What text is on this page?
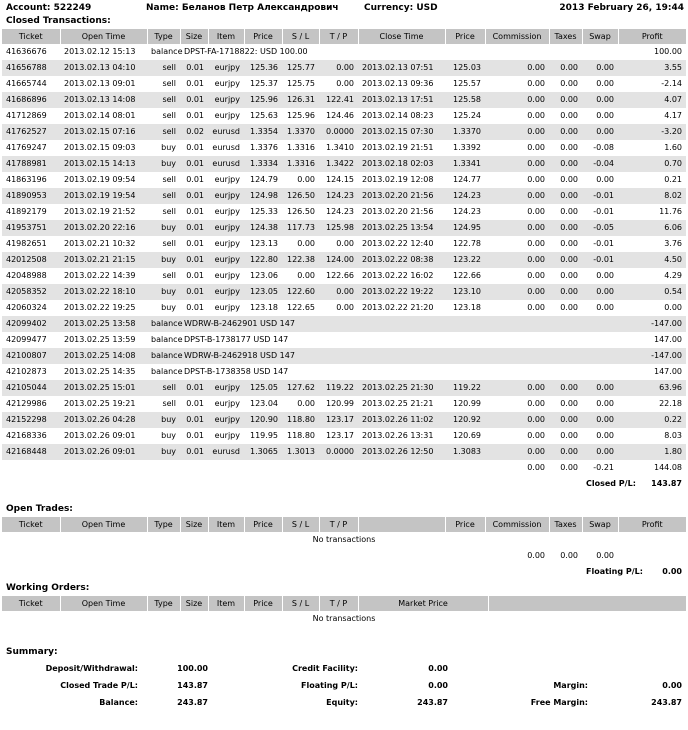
Account: 522249	Name: Беланов Петр Александрович	Currency: USD	2013 February 26, 19:44
Closed Transactions:
Ticket	Open Time	Type	Size	Item	Price	S / L	T / P	Close Time	Price	Commission	Taxes	Swap	Profit
41636676	2013.02.12 15:13	balance	DPST-FA-1718822: USD 100.00										100.00
41656788	2013.02.13 04:10	sell	0.01	eurjpy	125.36	125.77	0.00	2013.02.13 07:51	125.03	0.00	0.00	0.00	3.55
41665744	2013.02.13 09:01	sell	0.01	eurjpy	125.37	125.75	0.00	2013.02.13 09:36	125.57	0.00	0.00	0.00	-2.14
41686896	2013.02.13 14:08	sell	0.01	eurjpy	125.96	126.31	122.41	2013.02.13 17:51	125.58	0.00	0.00	0.00	4.07
41712869	2013.02.14 08:01	sell	0.01	eurjpy	125.63	125.96	124.46	2013.02.14 08:23	125.24	0.00	0.00	0.00	4.17
41762527	2013.02.15 07:16	sell	0.02	eurusd	1.3354	1.3370	0.0000	2013.02.15 07:30	1.3370	0.00	0.00	0.00	-3.20
41769247	2013.02.15 09:03	buy	0.01	eurusd	1.3376	1.3316	1.3410	2013.02.19 21:51	1.3392	0.00	0.00	-0.08	1.60
41788981	2013.02.15 14:13	buy	0.01	eurusd	1.3334	1.3316	1.3422	2013.02.18 02:03	1.3341	0.00	0.00	-0.04	0.70
41863196	2013.02.19 09:54	sell	0.01	eurjpy	124.79	0.00	124.15	2013.02.19 12:08	124.77	0.00	0.00	0.00	0.21
41890953	2013.02.19 19:54	sell	0.01	eurjpy	124.98	126.50	124.23	2013.02.20 21:56	124.23	0.00	0.00	-0.01	8.02
41892179	2013.02.19 21:52	sell	0.01	eurjpy	125.33	126.50	124.23	2013.02.20 21:56	124.23	0.00	0.00	-0.01	11.76
41953751	2013.02.20 22:16	buy	0.01	eurjpy	124.38	117.73	125.98	2013.02.25 13:54	124.95	0.00	0.00	-0.05	6.06
41982651	2013.02.21 10:32	sell	0.01	eurjpy	123.13	0.00	0.00	2013.02.22 12:40	122.78	0.00	0.00	-0.01	3.76
42012508	2013.02.21 21:15	buy	0.01	eurjpy	122.80	122.38	124.00	2013.02.22 08:38	123.22	0.00	0.00	-0.01	4.50
42048988	2013.02.22 14:39	sell	0.01	eurjpy	123.06	0.00	122.66	2013.02.22 16:02	122.66	0.00	0.00	0.00	4.29
42058352	2013.02.22 18:10	buy	0.01	eurjpy	123.05	122.60	0.00	2013.02.22 19:22	123.10	0.00	0.00	0.00	0.54
42060324	2013.02.22 19:25	buy	0.01	eurjpy	123.18	122.65	0.00	2013.02.22 21:20	123.18	0.00	0.00	0.00	0.00
42099402	2013.02.25 13:58	balance	WDRW-B-2462901 USD 147										-147.00
42099477	2013.02.25 13:59	balance	DPST-B-1738177 USD 147										147.00
42100807	2013.02.25 14:08	balance	WDRW-B-2462918 USD 147										-147.00
42102873	2013.02.25 14:35	balance	DPST-B-1738358 USD 147										147.00
42105044	2013.02.25 15:01	sell	0.01	eurjpy	125.05	127.62	119.22	2013.02.25 21:30	119.22	0.00	0.00	0.00	63.96
42129986	2013.02.25 19:21	sell	0.01	eurjpy	123.04	0.00	120.99	2013.02.25 21:21	120.99	0.00	0.00	0.00	22.18
42152298	2013.02.26 04:28	buy	0.01	eurjpy	120.90	118.80	123.17	2013.02.26 11:02	120.92	0.00	0.00	0.00	0.22
42168336	2013.02.26 09:01	buy	0.01	eurjpy	119.95	118.80	123.17	2013.02.26 13:31	120.69	0.00	0.00	0.00	8.03
42168448	2013.02.26 09:01	buy	0.01	eurusd	1.3065	1.3013	0.0000	2013.02.26 12:50	1.3083	0.00	0.00	0.00	1.80
										0.00	0.00	-0.21	144.08
												Closed P/L:	143.87
Open Trades:
Ticket	Open Time	Type	Size	Item	Price	S / L	T / P		Price	Commission	Taxes	Swap	Profit
No transactions													
										0.00	0.00	0.00	
												Floating P/L:	0.00
Working Orders:
Ticket	Open Time	Type	Size	Item	Price	S / L	T / P	Market Price	
No transactions
Summary:
Deposit/Withdrawal:	100.00	Credit Facility:	0.00		
Closed Trade P/L:	143.87	Floating P/L:	0.00	Margin:	0.00
Balance:	243.87	Equity:	243.87	Free Margin:	243.87
